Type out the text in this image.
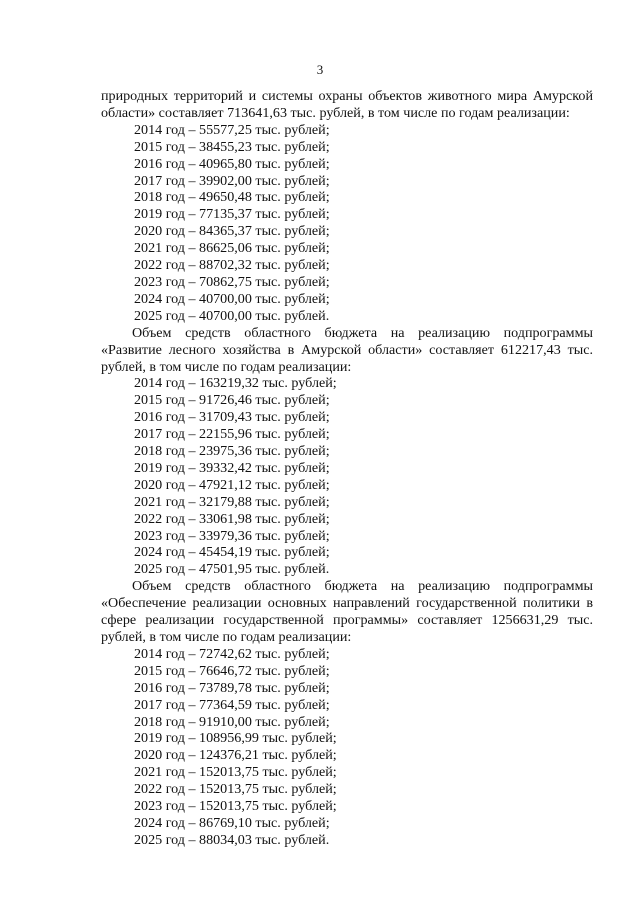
3

природных территорий и системы охраны объектов животного мира Амурской области» составляет 713641,63 тыс. рублей, в том числе по годам реализации:

2014 год – 55577,25 тыс. рублей;
2015 год – 38455,23 тыс. рублей;
2016 год – 40965,80 тыс. рублей;
2017 год – 39902,00 тыс. рублей;
2018 год – 49650,48 тыс. рублей;
2019 год – 77135,37 тыс. рублей;
2020 год – 84365,37 тыс. рублей;
2021 год – 86625,06 тыс. рублей;
2022 год – 88702,32 тыс. рублей;
2023 год – 70862,75 тыс. рублей;
2024 год – 40700,00 тыс. рублей;
2025 год – 40700,00 тыс. рублей.

Объем средств областного бюджета на реализацию подпрограммы «Развитие лесного хозяйства в Амурской области» составляет 612217,43 тыс. рублей, в том числе по годам реализации:

2014 год – 163219,32 тыс. рублей;
2015 год – 91726,46 тыс. рублей;
2016 год – 31709,43 тыс. рублей;
2017 год – 22155,96 тыс. рублей;
2018 год – 23975,36 тыс. рублей;
2019 год – 39332,42 тыс. рублей;
2020 год – 47921,12 тыс. рублей;
2021 год – 32179,88 тыс. рублей;
2022 год – 33061,98 тыс. рублей;
2023 год – 33979,36 тыс. рублей;
2024 год – 45454,19 тыс. рублей;
2025 год – 47501,95 тыс. рублей.

Объем средств областного бюджета на реализацию подпрограммы «Обеспечение реализации основных направлений государственной политики в сфере реализации государственной программы» составляет 1256631,29 тыс. рублей, в том числе по годам реализации:

2014 год – 72742,62 тыс. рублей;
2015 год – 76646,72 тыс. рублей;
2016 год – 73789,78 тыс. рублей;
2017 год – 77364,59 тыс. рублей;
2018 год – 91910,00 тыс. рублей;
2019 год – 108956,99 тыс. рублей;
2020 год – 124376,21 тыс. рублей;
2021 год – 152013,75 тыс. рублей;
2022 год – 152013,75 тыс. рублей;
2023 год – 152013,75 тыс. рублей;
2024 год – 86769,10 тыс. рублей;
2025 год – 88034,03 тыс. рублей.
